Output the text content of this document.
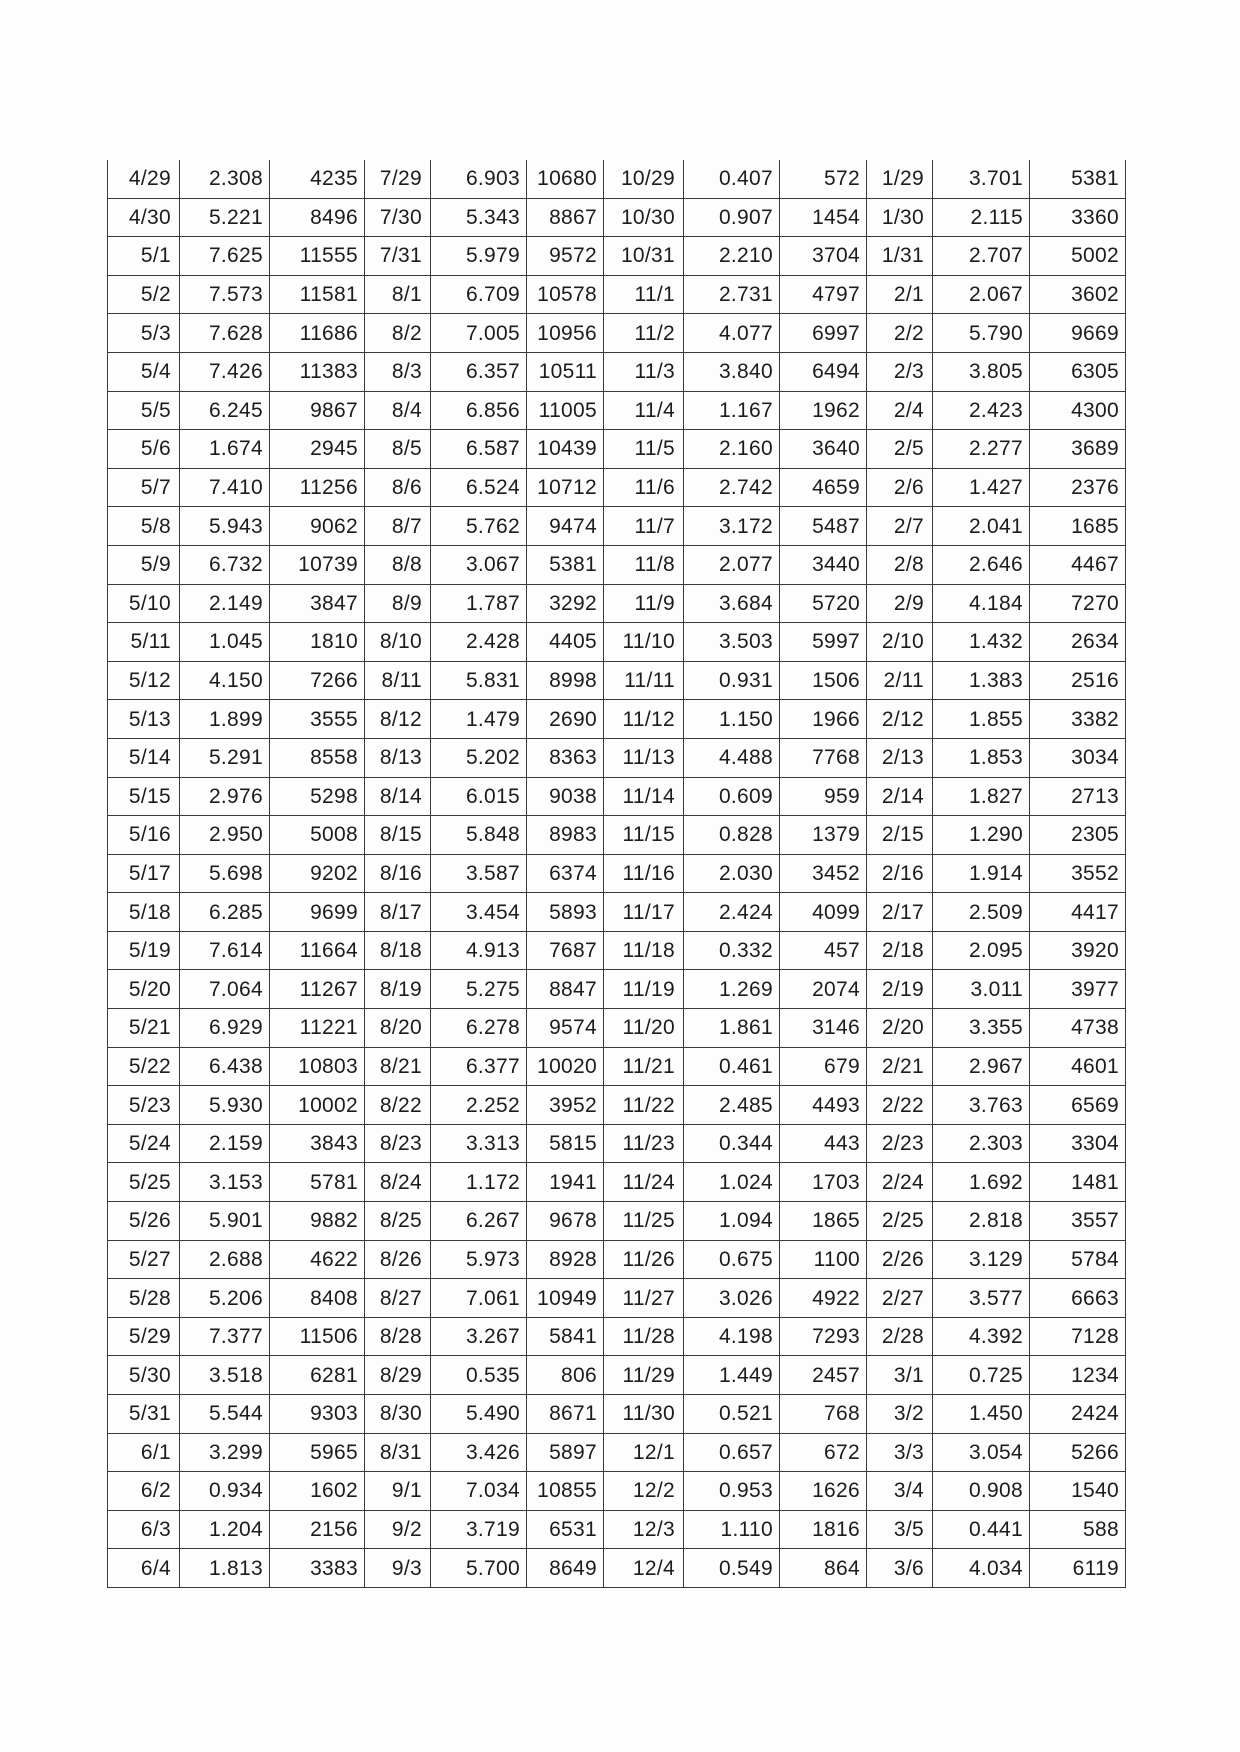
4/29	2.308	4235	7/29	6.903	10680	10/29	0.407	572	1/29	3.701	5381
4/30	5.221	8496	7/30	5.343	8867	10/30	0.907	1454	1/30	2.115	3360
5/1	7.625	11555	7/31	5.979	9572	10/31	2.210	3704	1/31	2.707	5002
5/2	7.573	11581	8/1	6.709	10578	11/1	2.731	4797	2/1	2.067	3602
5/3	7.628	11686	8/2	7.005	10956	11/2	4.077	6997	2/2	5.790	9669
5/4	7.426	11383	8/3	6.357	10511	11/3	3.840	6494	2/3	3.805	6305
5/5	6.245	9867	8/4	6.856	11005	11/4	1.167	1962	2/4	2.423	4300
5/6	1.674	2945	8/5	6.587	10439	11/5	2.160	3640	2/5	2.277	3689
5/7	7.410	11256	8/6	6.524	10712	11/6	2.742	4659	2/6	1.427	2376
5/8	5.943	9062	8/7	5.762	9474	11/7	3.172	5487	2/7	2.041	1685
5/9	6.732	10739	8/8	3.067	5381	11/8	2.077	3440	2/8	2.646	4467
5/10	2.149	3847	8/9	1.787	3292	11/9	3.684	5720	2/9	4.184	7270
5/11	1.045	1810	8/10	2.428	4405	11/10	3.503	5997	2/10	1.432	2634
5/12	4.150	7266	8/11	5.831	8998	11/11	0.931	1506	2/11	1.383	2516
5/13	1.899	3555	8/12	1.479	2690	11/12	1.150	1966	2/12	1.855	3382
5/14	5.291	8558	8/13	5.202	8363	11/13	4.488	7768	2/13	1.853	3034
5/15	2.976	5298	8/14	6.015	9038	11/14	0.609	959	2/14	1.827	2713
5/16	2.950	5008	8/15	5.848	8983	11/15	0.828	1379	2/15	1.290	2305
5/17	5.698	9202	8/16	3.587	6374	11/16	2.030	3452	2/16	1.914	3552
5/18	6.285	9699	8/17	3.454	5893	11/17	2.424	4099	2/17	2.509	4417
5/19	7.614	11664	8/18	4.913	7687	11/18	0.332	457	2/18	2.095	3920
5/20	7.064	11267	8/19	5.275	8847	11/19	1.269	2074	2/19	3.011	3977
5/21	6.929	11221	8/20	6.278	9574	11/20	1.861	3146	2/20	3.355	4738
5/22	6.438	10803	8/21	6.377	10020	11/21	0.461	679	2/21	2.967	4601
5/23	5.930	10002	8/22	2.252	3952	11/22	2.485	4493	2/22	3.763	6569
5/24	2.159	3843	8/23	3.313	5815	11/23	0.344	443	2/23	2.303	3304
5/25	3.153	5781	8/24	1.172	1941	11/24	1.024	1703	2/24	1.692	1481
5/26	5.901	9882	8/25	6.267	9678	11/25	1.094	1865	2/25	2.818	3557
5/27	2.688	4622	8/26	5.973	8928	11/26	0.675	1100	2/26	3.129	5784
5/28	5.206	8408	8/27	7.061	10949	11/27	3.026	4922	2/27	3.577	6663
5/29	7.377	11506	8/28	3.267	5841	11/28	4.198	7293	2/28	4.392	7128
5/30	3.518	6281	8/29	0.535	806	11/29	1.449	2457	3/1	0.725	1234
5/31	5.544	9303	8/30	5.490	8671	11/30	0.521	768	3/2	1.450	2424
6/1	3.299	5965	8/31	3.426	5897	12/1	0.657	672	3/3	3.054	5266
6/2	0.934	1602	9/1	7.034	10855	12/2	0.953	1626	3/4	0.908	1540
6/3	1.204	2156	9/2	3.719	6531	12/3	1.110	1816	3/5	0.441	588
6/4	1.813	3383	9/3	5.700	8649	12/4	0.549	864	3/6	4.034	6119
